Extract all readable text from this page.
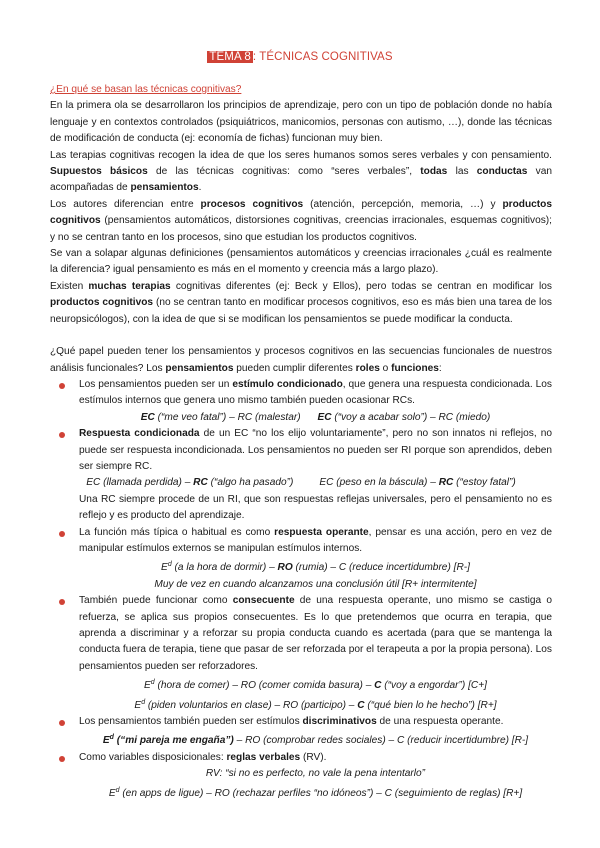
TEMA 8 : TÉCNICAS COGNITIVAS

¿En qué se basan las técnicas cognitivas?

En la primera ola se desarrollaron los principios de aprendizaje, pero con un tipo de población donde no había lenguaje y en contextos controlados (psiquiátricos, manicomios, personas con autismo, …), donde las técnicas de modificación de conducta (ej: economía de fichas) funcionan muy bien.

Las terapias cognitivas recogen la idea de que los seres humanos somos seres verbales y con pensamiento. Supuestos básicos de las técnicas cognitivas: como “seres verbales”, todas las conductas van acompañadas de pensamientos.

Los autores diferencian entre procesos cognitivos (atención, percepción, memoria, …) y productos cognitivos (pensamientos automáticos, distorsiones cognitivas, creencias irracionales, esquemas cognitivos); y no se centran tanto en los procesos, sino que estudian los productos cognitivos.

Se van a solapar algunas definiciones (pensamientos automáticos y creencias irracionales ¿cuál es realmente la diferencia? igual pensamiento es más en el momento y creencia más a largo plazo).

Existen muchas terapias cognitivas diferentes (ej: Beck y Ellos), pero todas se centran en modificar los productos cognitivos (no se centran tanto en modificar procesos cognitivos, eso es más bien una tarea de los neuropsicólogos), con la idea de que si se modifican los pensamientos se puede modificar la conducta.

¿Qué papel pueden tener los pensamientos y procesos cognitivos en las secuencias funcionales de nuestros análisis funcionales? Los pensamientos pueden cumplir diferentes roles o funciones:

Los pensamientos pueden ser un estímulo condicionado, que genera una respuesta condicionada. Los estímulos internos que genera uno mismo también pueden ocasionar RCs.
EC (“me veo fatal”) – RC (malestar) EC (“voy a acabar solo”) – RC (miedo)
Respuesta condicionada de un EC “no los elijo voluntariamente”, pero no son innatos ni reflejos, no puede ser respuesta incondicionada. Los pensamientos no pueden ser RI porque son aprendidos, deben ser siempre RC.
EC (llamada perdida) – RC (“algo ha pasado”)	EC (peso en la báscula) – RC (“estoy fatal”)

Una RC siempre procede de un RI, que son respuestas reflejas universales, pero el pensamiento no es reflejo y es producto del aprendizaje.

La función más típica o habitual es como respuesta operante, pensar es una acción, pero en vez de manipular estímulos externos se manipulan estímulos internos.
$E^d$ (a la hora de dormir) – RO (rumia) – C (reduce incertidumbre) [R-]
Muy de vez en cuando alcanzamos una conclusión útil [R+ intermitente]
También puede funcionar como consecuente de una respuesta operante, uno mismo se castiga o refuerza, se aplica sus propios consecuentes. Es lo que pretendemos que ocurra en terapia, que aprenda a discriminar y a reforzar su propia conducta cuando es acertada (para que se mantenga la conducta fuera de terapia, tiene que pasar de ser reforzada por el terapeuta a por la propia persona). Los pensamientos pueden ser reforzadores.
$E^d$ (hora de comer) – RO (comer comida basura) – C (“voy a engordar”) [C+]
$E^d$ (piden voluntarios en clase) – RO (participo) – C (“qué bien lo he hecho”) [R+]
Los pensamientos también pueden ser estímulos discriminativos de una respuesta operante.
$E^d$ (“mi pareja me engaña”) – RO (comprobar redes sociales) – C (reducir incertidumbre) [R-]
Como variables disposicionales: reglas verbales (RV).
RV: “si no es perfecto, no vale la pena intentarlo”
$E^d$ (en apps de ligue) – RO (rechazar perfiles “no idóneos”) – C (seguimiento de reglas) [R+]
